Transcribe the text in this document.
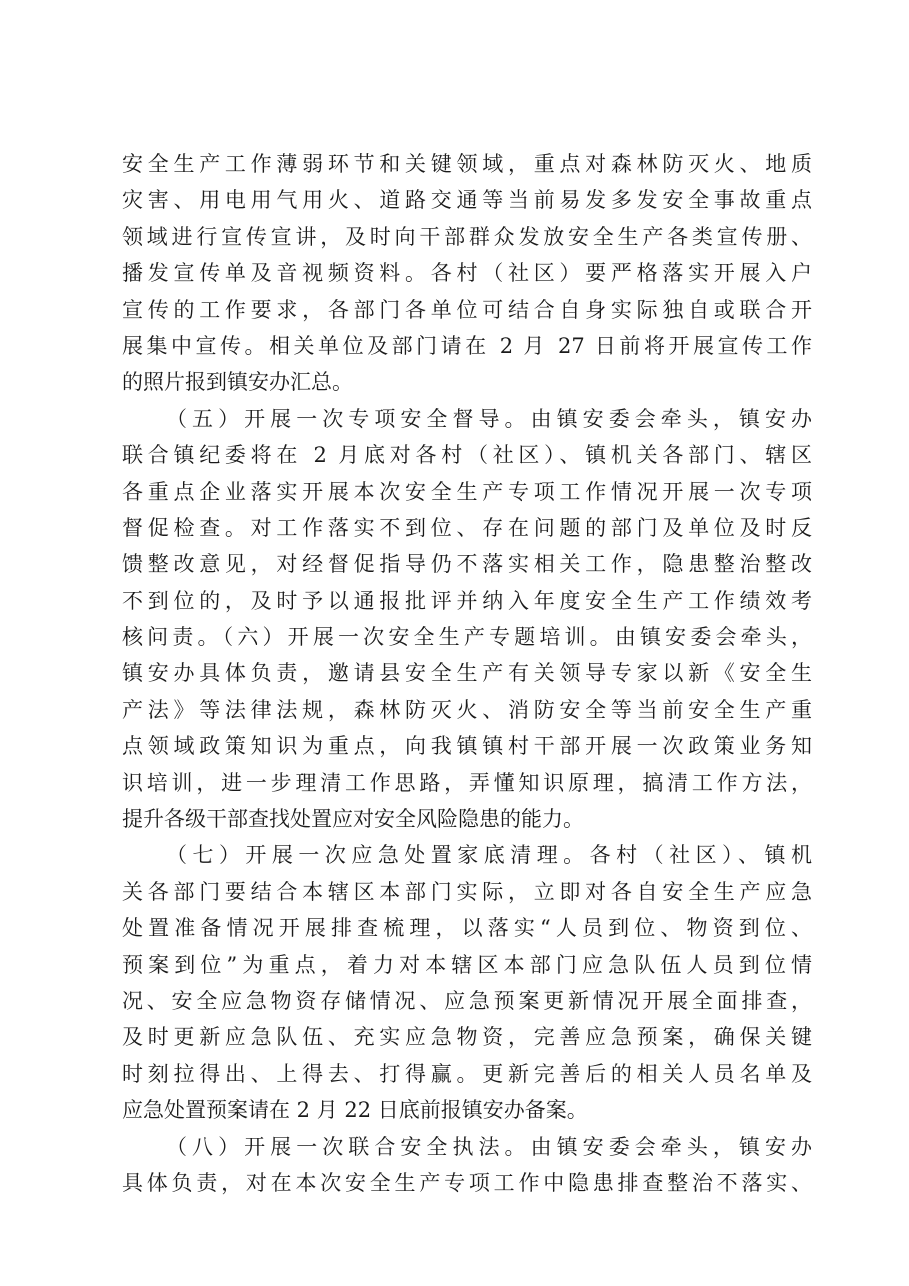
安全生产工作薄弱环节和关键领域，重点对森林防灭火、地质
灾害、用电用气用火、道路交通等当前易发多发安全事故重点
领域进行宣传宣讲，及时向干部群众发放安全生产各类宣传册、
播发宣传单及音视频资料。各村（社区）要严格落实开展入户
宣传的工作要求，各部门各单位可结合自身实际独自或联合开
展集中宣传。相关单位及部门请在 2 月 27 日前将开展宣传工作
的照片报到镇安办汇总。
（五）开展一次专项安全督导。由镇安委会牵头，镇安办
联合镇纪委将在 2 月底对各村（社区）、镇机关各部门、辖区
各重点企业落实开展本次安全生产专项工作情况开展一次专项
督促检查。对工作落实不到位、存在问题的部门及单位及时反
馈整改意见，对经督促指导仍不落实相关工作，隐患整治整改
不到位的，及时予以通报批评并纳入年度安全生产工作绩效考
核问责。（六）开展一次安全生产专题培训。由镇安委会牵头，
镇安办具体负责，邀请县安全生产有关领导专家以新《安全生
产法》等法律法规，森林防灭火、消防安全等当前安全生产重
点领域政策知识为重点，向我镇镇村干部开展一次政策业务知
识培训，进一步理清工作思路，弄懂知识原理，搞清工作方法，
提升各级干部查找处置应对安全风险隐患的能力。
（七）开展一次应急处置家底清理。各村（社区）、镇机
关各部门要结合本辖区本部门实际，立即对各自安全生产应急
处置准备情况开展排查梳理，以落实“人员到位、物资到位、
预案到位”为重点，着力对本辖区本部门应急队伍人员到位情
况、安全应急物资存储情况、应急预案更新情况开展全面排查，
及时更新应急队伍、充实应急物资，完善应急预案，确保关键
时刻拉得出、上得去、打得赢。更新完善后的相关人员名单及
应急处置预案请在 2 月 22 日底前报镇安办备案。
（八）开展一次联合安全执法。由镇安委会牵头，镇安办
具体负责，对在本次安全生产专项工作中隐患排查整治不落实、
